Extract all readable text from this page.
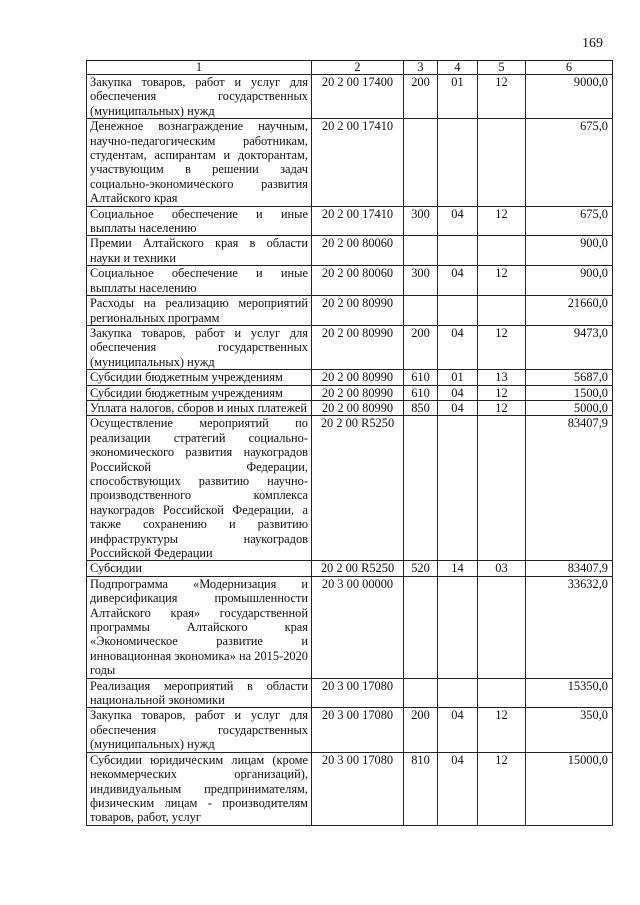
169
1	2	3	4	5	6
Закупка товаров, работ и услуг для обеспечения государственных (муниципальных) нужд	20 2 00 17400	200	01	12	9000,0
Денежное вознаграждение научным, научно-педагогическим работникам, студентам, аспирантам и докторантам, участвующим в решении задач социально-экономического развития Алтайского края	20 2 00 17410				675,0
Социальное обеспечение и иные выплаты населению	20 2 00 17410	300	04	12	675,0
Премии Алтайского края в области науки и техники	20 2 00 80060				900,0
Социальное обеспечение и иные выплаты населению	20 2 00 80060	300	04	12	900,0
Расходы на реализацию мероприятий региональных программ	20 2 00 80990				21660,0
Закупка товаров, работ и услуг для обеспечения государственных (муниципальных) нужд	20 2 00 80990	200	04	12	9473,0
Субсидии бюджетным учреждениям	20 2 00 80990	610	01	13	5687,0
Субсидии бюджетным учреждениям	20 2 00 80990	610	04	12	1500,0
Уплата налогов, сборов и иных платежей	20 2 00 80990	850	04	12	5000,0
Осуществление мероприятий по реализации стратегий социально-экономического развития наукоградов Российской Федерации, способствующих развитию научно-производственного комплекса наукоградов Российской Федерации, а также сохранению и развитию инфраструктуры наукоградов Российской Федерации	20 2 00 R5250				83407,9
Субсидии	20 2 00 R5250	520	14	03	83407,9
Подпрограмма «Модернизация и диверсификация промышленности Алтайского края» государственной программы Алтайского края «Экономическое развитие и инновационная экономика» на 2015-2020 годы	20 3 00 00000				33632,0
Реализация мероприятий в области национальной экономики	20 3 00 17080				15350,0
Закупка товаров, работ и услуг для обеспечения государственных (муниципальных) нужд	20 3 00 17080	200	04	12	350,0
Субсидии юридическим лицам (кроме некоммерческих организаций), индивидуальным предпринимателям, физическим лицам - производителям товаров, работ, услуг	20 3 00 17080	810	04	12	15000,0
